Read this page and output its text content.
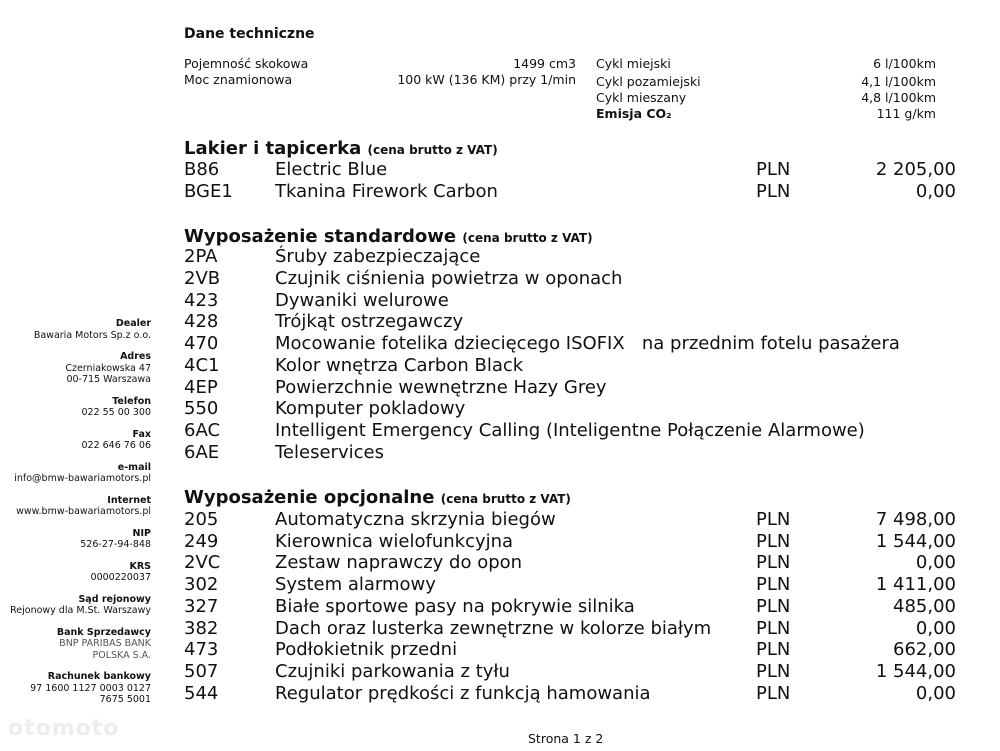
Dane techniczne
Pojemność skokowa	1499 cm3
Moc znamionowa	100 kW (136 KM) przy 1/min
Cykl miejski	6 l/100km
Cykl pozamiejski	4,1 l/100km
Cykl mieszany	4,8 l/100km
Emisja CO₂	111 g/km
Lakier i tapicerka (cena brutto z VAT)
B86	Electric Blue	PLN	2 205,00
BGE1 Tkanina Firework Carbon	PLN	0,00
Wyposażenie standardowe (cena brutto z VAT)
2PA	Śruby zabezpieczające
2VB	Czujnik ciśnienia powietrza w oponach
423	Dywaniki welurowe
428	Trójkąt ostrzegawczy
470	Mocowanie fotelika dziecięcego ISOFIX   na przednim fotelu pasażera
4C1	Kolor wnętrza Carbon Black
4EP	Powierzchnie wewnętrzne Hazy Grey
550	Komputer pokladowy
6AC	Intelligent Emergency Calling (Inteligentne Połączenie Alarmowe)
6AE	Teleservices
Wyposażenie opcjonalne (cena brutto z VAT)
205	Automatyczna skrzynia biegów	PLN	7 498,00
249	Kierownica wielofunkcyjna	PLN	1 544,00
2VC	Zestaw naprawczy do opon	PLN	0,00
302	System alarmowy	PLN	1 411,00
327	Białe sportowe pasy na pokrywie silnika	PLN	485,00
382	Dach oraz lusterka zewnętrzne w kolorze białym PLN	0,00
473	Podłokietnik przedni	PLN	662,00
507	Czujniki parkowania z tyłu	PLN	1 544,00
544	Regulator prędkości z funkcją hamowania	PLN	0,00
Dealer
Bawaria Motors Sp.z o.o.
Adres
Czerniakowska 47
00-715 Warszawa
Telefon
022 55 00 300
Fax
022 646 76 06
e-mail
info@bmw-bawariamotors.pl
Internet
www.bmw-bawariamotors.pl
NIP
526-27-94-848
KRS
0000220037
Sąd rejonowy
Rejonowy dla M.St. Warszawy
Bank Sprzedawcy
BNP PARIBAS BANK
POLSKA S.A.
Rachunek bankowy
97 1600 1127 0003 0127
7675 5001
otomoto	Strona 1 z 2
